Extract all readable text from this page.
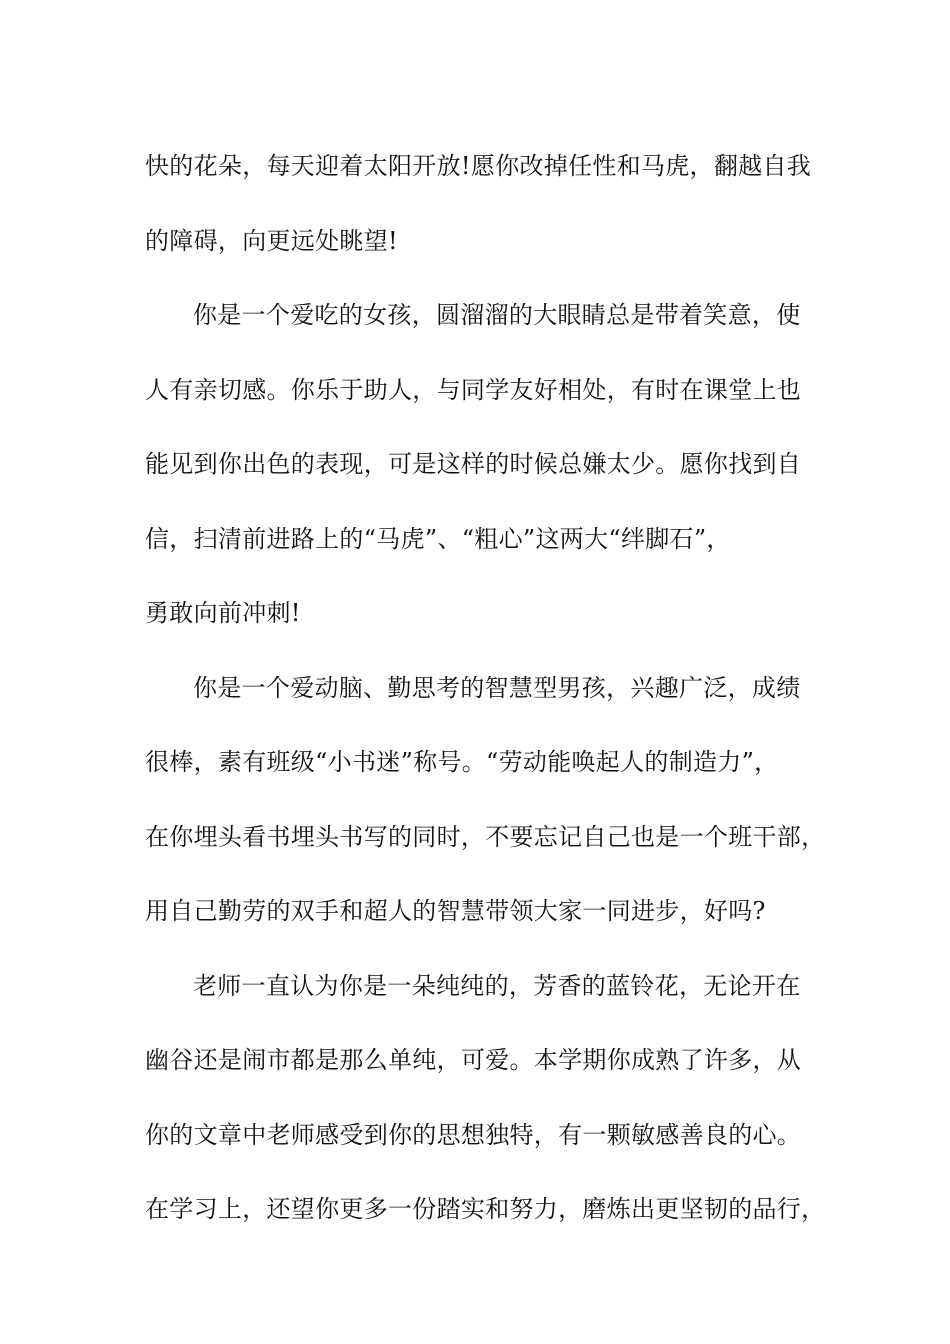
快的花朵，每天迎着太阳开放!愿你改掉任性和马虎，翻越自我
的障碍，向更远处眺望!
你是一个爱吃的女孩，圆溜溜的大眼睛总是带着笑意，使
人有亲切感。你乐于助人，与同学友好相处，有时在课堂上也
能见到你出色的表现，可是这样的时候总嫌太少。愿你找到自
信，扫清前进路上的“马虎”、“粗心”这两大“绊脚石”，
勇敢向前冲刺!
你是一个爱动脑、勤思考的智慧型男孩，兴趣广泛，成绩
很棒，素有班级“小书迷”称号。“劳动能唤起人的制造力”，
在你埋头看书埋头书写的同时，不要忘记自己也是一个班干部，
用自己勤劳的双手和超人的智慧带领大家一同进步，好吗?
老师一直认为你是一朵纯纯的，芳香的蓝铃花，无论开在
幽谷还是闹市都是那么单纯，可爱。本学期你成熟了许多，从
你的文章中老师感受到你的思想独特，有一颗敏感善良的心。
在学习上，还望你更多一份踏实和努力，磨炼出更坚韧的品行，
